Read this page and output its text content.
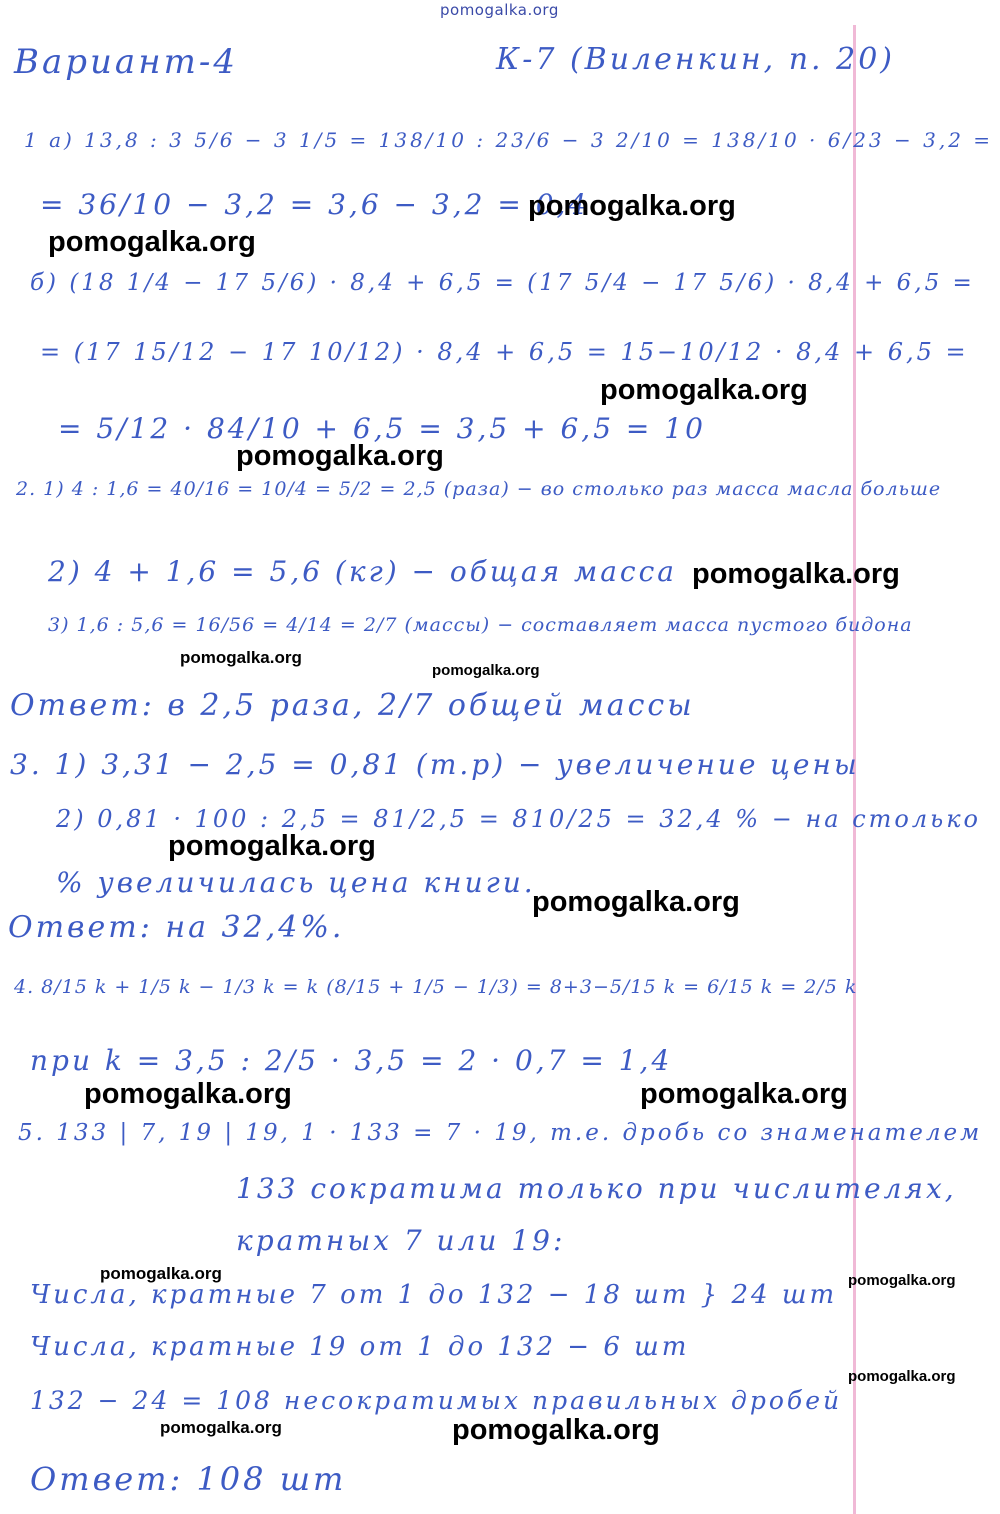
pomogalka.org
Вариант-4	К-7 (Виленкин, п. 20)
1 а) 13,8 : 3 5/6 − 3 1/5 = 138/10 : 23/6 − 3 2/10 = 138/10 · 6/23 − 3,2 =
= 36/10 − 3,2 = 3,6 − 3,2 = 0,4
б) (18 1/4 − 17 5/6) · 8,4 + 6,5 = (17 5/4 − 17 5/6) · 8,4 + 6,5 =
= (17 15/12 − 17 10/12) · 8,4 + 6,5 = 15−10/12 · 8,4 + 6,5 =
= 5/12 · 84/10 + 6,5 = 3,5 + 6,5 = 10
2. 1) 4 : 1,6 = 40/16 = 10/4 = 5/2 = 2,5 (раза) − во столько раз масса масла больше
2) 4 + 1,6 = 5,6 (кг) − общая масса
3) 1,6 : 5,6 = 16/56 = 4/14 = 2/7 (массы) − составляет масса пустого бидона
Ответ: в 2,5 раза, 2/7 общей массы
3. 1) 3,31 − 2,5 = 0,81 (т.р) − увеличение цены
2) 0,81 · 100 : 2,5 = 81/2,5 = 810/25 = 32,4 % − на столько
% увеличилась цена книги.
Ответ: на 32,4%.
4. 8/15 k + 1/5 k − 1/3 k = k (8/15 + 1/5 − 1/3) = 8+3−5/15 k = 6/15 k = 2/5 k
при k = 3,5 : 2/5 · 3,5 = 2 · 0,7 = 1,4
5. 133 | 7, 19 | 19, 1 · 133 = 7 · 19, т.е. дробь со знаменателем
133 сократима только при числителях,
кратных 7 или 19:
Числа, кратные 7 от 1 до 132 − 18 шт } 24 шт
Числа, кратные 19 от 1 до 132 − 6 шт
132 − 24 = 108 несократимых правильных дробей
Ответ: 108 шт
pomogalka.org
pomogalka.org
pomogalka.org
pomogalka.org
pomogalka.org
pomogalka.org
pomogalka.org
pomogalka.org
pomogalka.org
pomogalka.org	pomogalka.org
pomogalka.org	pomogalka.org
pomogalka.org
pomogalka.org	pomogalka.org
